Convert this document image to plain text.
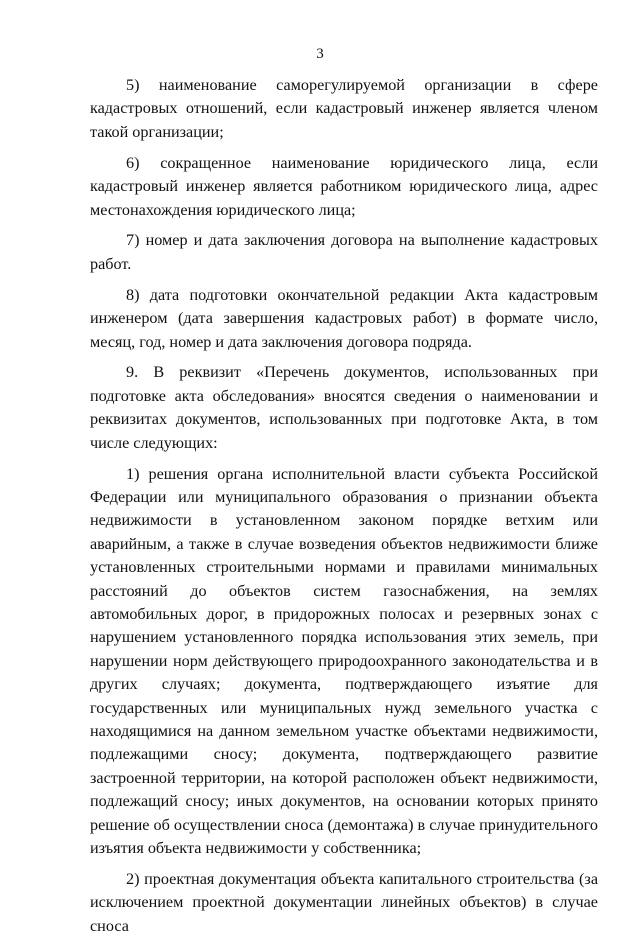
3

5) наименование саморегулируемой организации в сфере кадастровых отношений, если кадастровый инженер является членом такой организации;

6) сокращенное наименование юридического лица, если кадастровый инженер является работником юридического лица, адрес местонахождения юридического лица;

7) номер и дата заключения договора на выполнение кадастровых работ.

8) дата подготовки окончательной редакции Акта кадастровым инженером (дата завершения кадастровых работ) в формате число, месяц, год, номер и дата заключения договора подряда.

9. В реквизит «Перечень документов, использованных при подготовке акта обследования» вносятся сведения о наименовании и реквизитах документов, использованных при подготовке Акта, в том числе следующих:

1) решения органа исполнительной власти субъекта Российской Федерации или муниципального образования о признании объекта недвижимости в установленном законом порядке ветхим или аварийным, а также в случае возведения объектов недвижимости ближе установленных строительными нормами и правилами минимальных расстояний до объектов систем газоснабжения, на землях автомобильных дорог, в придорожных полосах и резервных зонах с нарушением установленного порядка использования этих земель, при нарушении норм действующего природоохранного законодательства и в других случаях; документа, подтверждающего изъятие для государственных или муниципальных нужд земельного участка с находящимися на данном земельном участке объектами недвижимости, подлежащими сносу; документа, подтверждающего развитие застроенной территории, на которой расположен объект недвижимости, подлежащий сносу; иных документов, на основании которых принято решение об осуществлении сноса (демонтажа) в случае принудительного изъятия объекта недвижимости у собственника;

2) проектная документация объекта капитального строительства (за исключением проектной документации линейных объектов) в случае сноса
